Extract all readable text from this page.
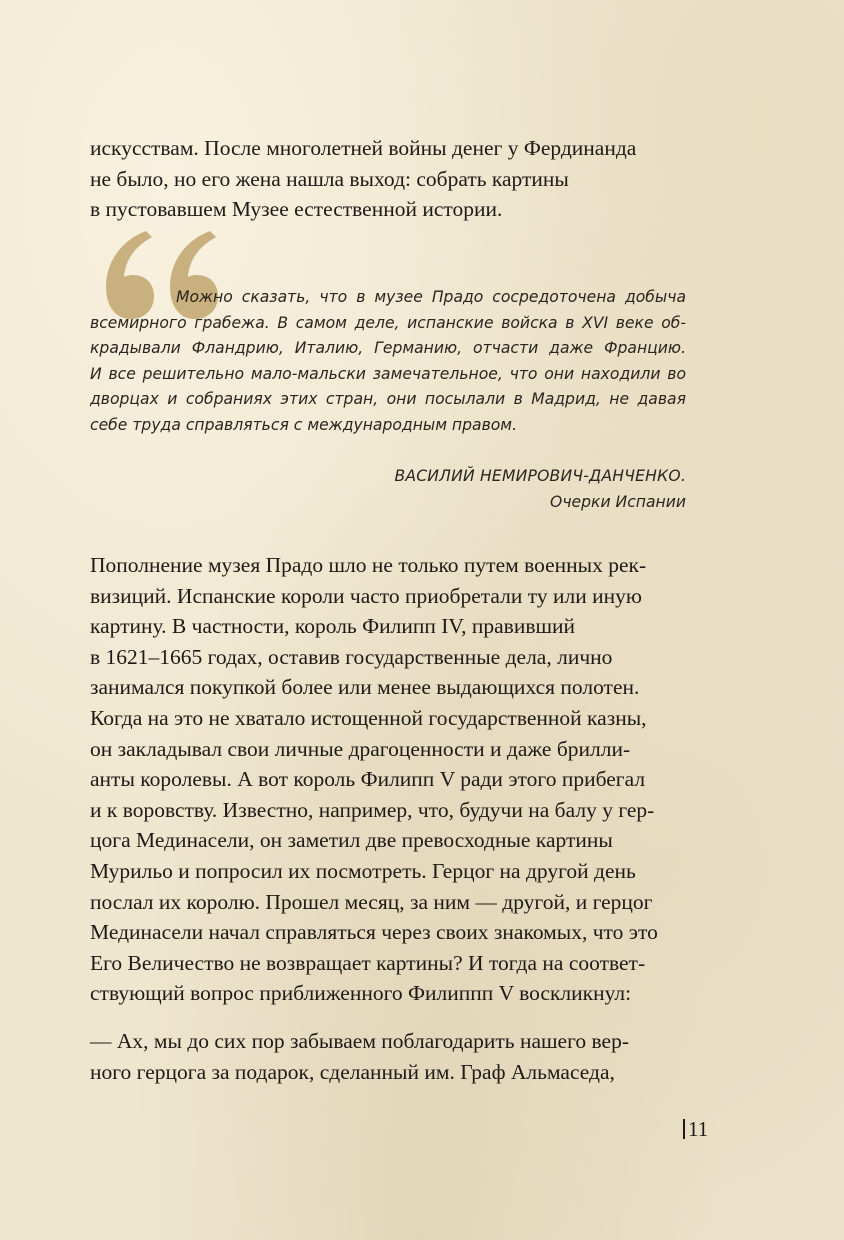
искусствам. После многолетней войны денег у Фердинанда
не было, но его жена нашла выход: собрать картины
в пустовавшем Музее естественной истории.

Можно сказать, что в музее Прадо сосредоточена добыча
всемирного грабежа. В самом деле, испанские войска в XVI веке об-
крадывали Фландрию, Италию, Германию, отчасти даже Францию.
И все решительно мало-мальски замечательное, что они находили во
дворцах и собраниях этих стран, они посылали в Мадрид, не давая
себе труда справляться с международным правом.
ВАСИЛИЙ НЕМИРОВИЧ-ДАНЧЕНКО.
Очерки Испании

Пополнение музея Прадо шло не только путем военных рек-
визиций. Испанские короли часто приобретали ту или иную
картину. В частности, король Филипп IV, правивший
в 1621–1665 годах, оставив государственные дела, лично
занимался покупкой более или менее выдающихся полотен.
Когда на это не хватало истощенной государственной казны,
он закладывал свои личные драгоценности и даже брилли-
анты королевы. А вот король Филипп V ради этого прибегал
и к воровству. Известно, например, что, будучи на балу у гер-
цога Мединасели, он заметил две превосходные картины
Мурильо и попросил их посмотреть. Герцог на другой день
послал их королю. Прошел месяц, за ним — другой, и герцог
Мединасели начал справляться через своих знакомых, что это
Его Величество не возвращает картины? И тогда на соответ-
ствующий вопрос приближенного Филиппп V воскликнул:

— Ах, мы до сих пор забываем поблагодарить нашего вер-
ного герцога за подарок, сделанный им. Граф Альмаседа,

11
